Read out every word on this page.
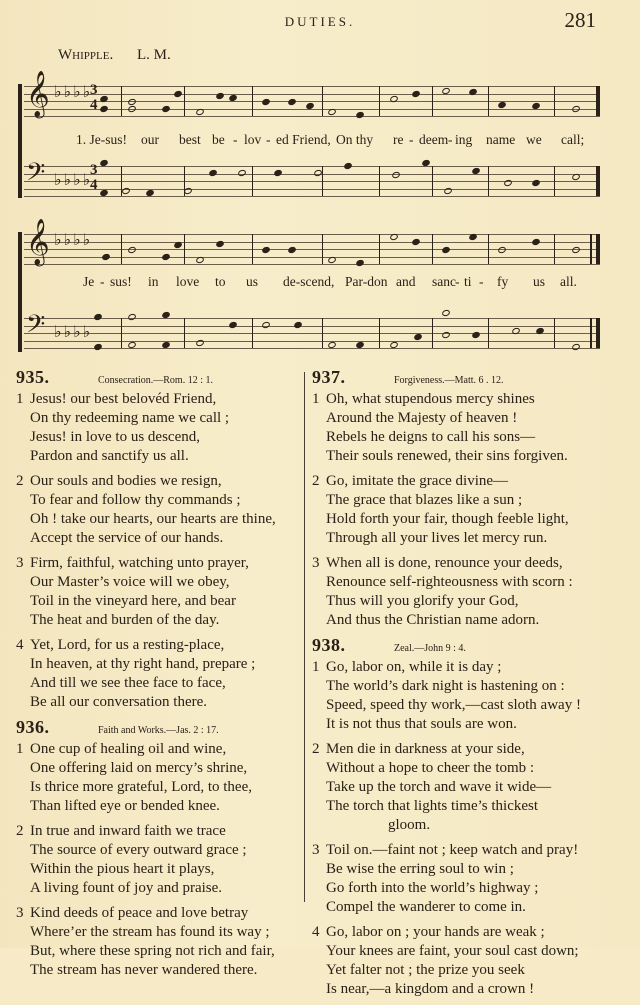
DUTIES.	281
Whipple. L. M.
𝄞 ♭♭♭♭
3
4
1. Je-sus! our best be - lov - ed Friend, On thy re - deem - ing name we call;
𝄢 ♭♭♭♭
3
4
𝄞 ♭♭♭♭
Je - sus! in love to us de-scend, Par-don and sanc - ti - fy us all.
𝄢 ♭♭♭♭
935.	Consecration.—Rom. 12 : 1.
1 Jesus! our best belovéd Friend,
On thy redeeming name we call ;
Jesus! in love to us descend,
Pardon and sanctify us all.
2 Our souls and bodies we resign,
To fear and follow thy commands ;
Oh ! take our hearts, our hearts are thine,
Accept the service of our hands.
3 Firm, faithful, watching unto prayer,
Our Master’s voice will we obey,
Toil in the vineyard here, and bear
The heat and burden of the day.
4 Yet, Lord, for us a resting-place,
In heaven, at thy right hand, prepare ;
And till we see thee face to face,
Be all our conversation there.
936.	Faith and Works.—Jas. 2 : 17.
1 One cup of healing oil and wine,
One offering laid on mercy’s shrine,
Is thrice more grateful, Lord, to thee,
Than lifted eye or bended knee.
2 In true and inward faith we trace
The source of every outward grace ;
Within the pious heart it plays,
A living fount of joy and praise.
3 Kind deeds of peace and love betray
Where’er the stream has found its way ;
But, where these spring not rich and fair,
The stream has never wandered there.
937.	Forgiveness.—Matt. 6 . 12.
1 Oh, what stupendous mercy shines
Around the Majesty of heaven !
Rebels he deigns to call his sons—
Their souls renewed, their sins forgiven.
2 Go, imitate the grace divine—
The grace that blazes like a sun ;
Hold forth your fair, though feeble light,
Through all your lives let mercy run.
3 When all is done, renounce your deeds,
Renounce self-righteousness with scorn :
Thus will you glorify your God,
And thus the Christian name adorn.
938.	Zeal.—John 9 : 4.
1 Go, labor on, while it is day ;
The world’s dark night is hastening on :
Speed, speed thy work,—cast sloth away !
It is not thus that souls are won.
2 Men die in darkness at your side,
Without a hope to cheer the tomb :
Take up the torch and wave it wide—
The torch that lights time’s thickest
gloom.
3 Toil on.—faint not ; keep watch and pray!
Be wise the erring soul to win ;
Go forth into the world’s highway ;
Compel the wanderer to come in.
4 Go, labor on ; your hands are weak ;
Your knees are faint, your soul cast down;
Yet falter not ; the prize you seek
Is near,—a kingdom and a crown !
